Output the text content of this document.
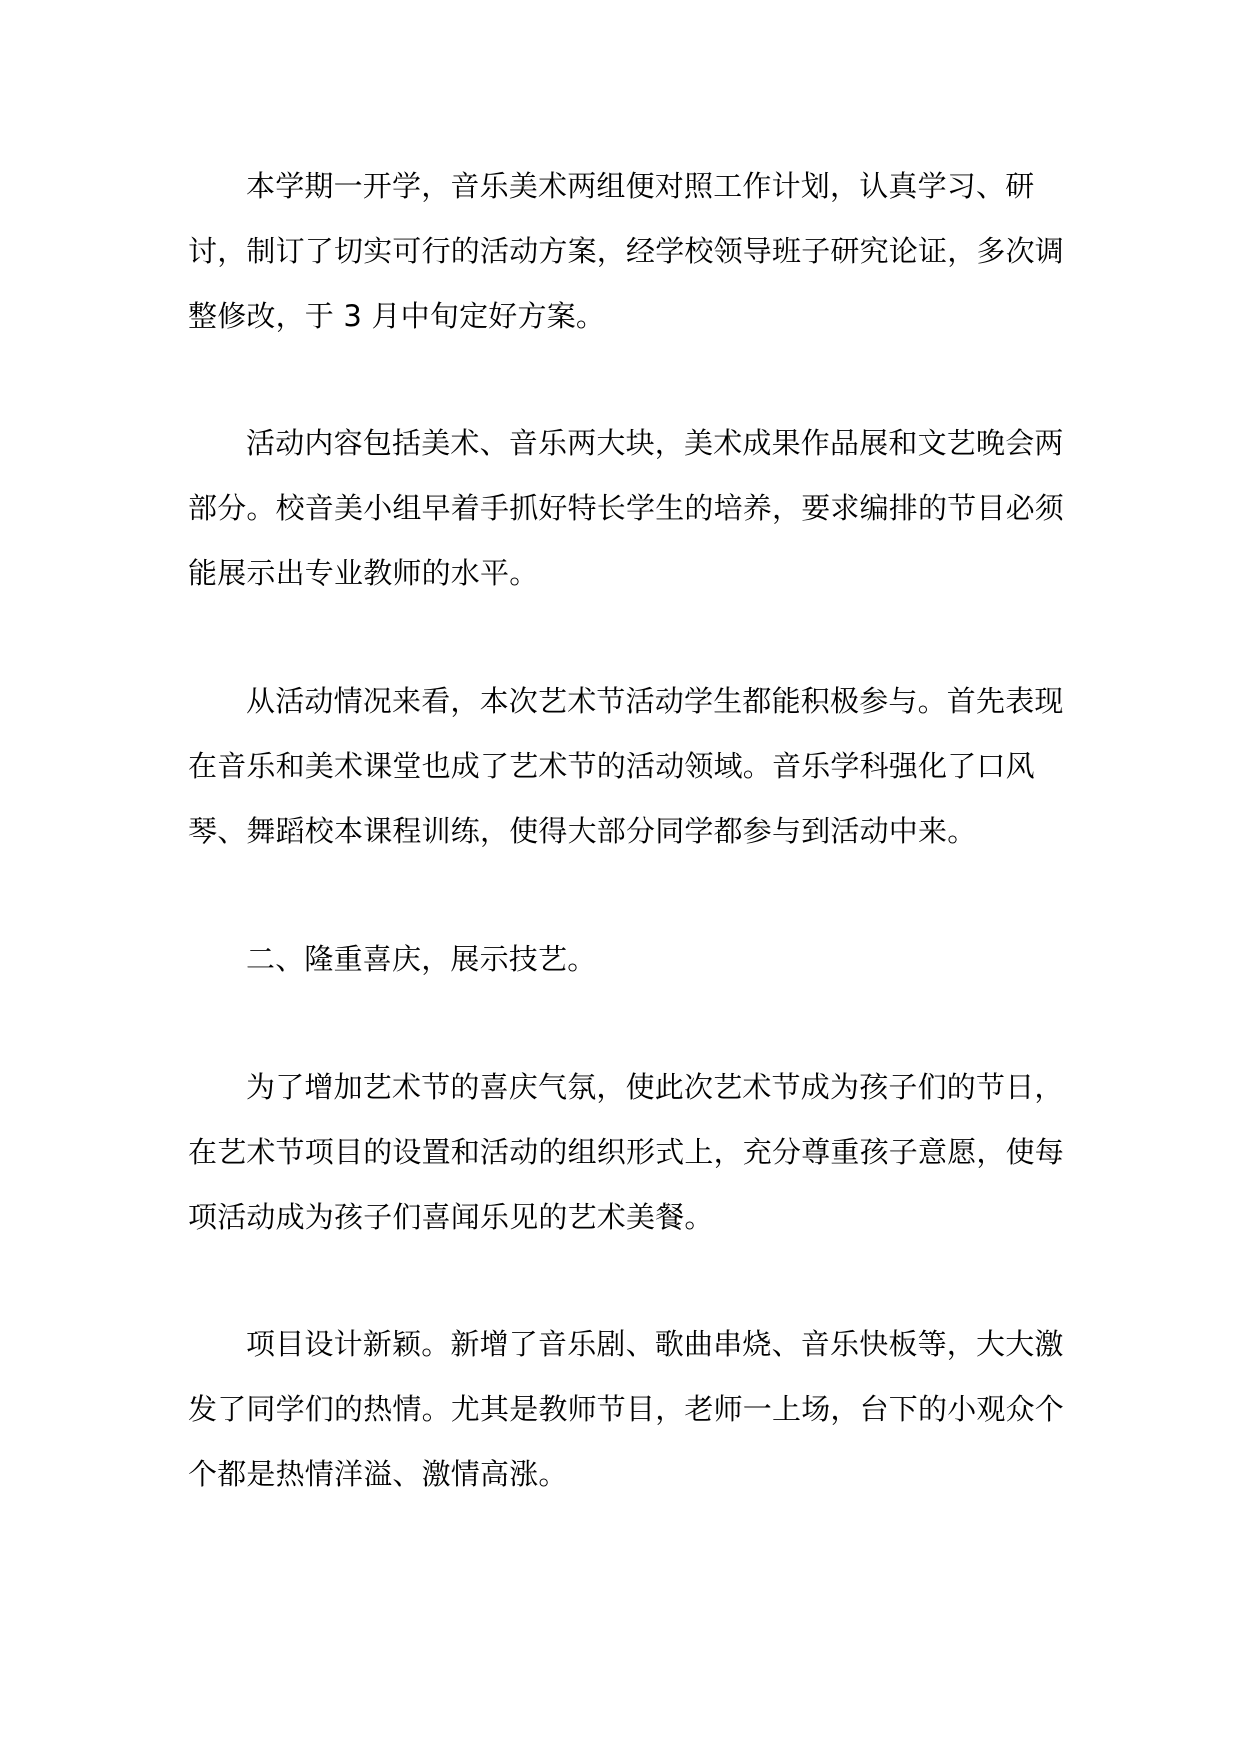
本学期一开学，音乐美术两组便对照工作计划，认真学习、研讨，制订了切实可行的活动方案，经学校领导班子研究论证，多次调整修改，于 3 月中旬定好方案。

活动内容包括美术、音乐两大块，美术成果作品展和文艺晚会两部分。校音美小组早着手抓好特长学生的培养，要求编排的节目必须能展示出专业教师的水平。

从活动情况来看，本次艺术节活动学生都能积极参与。首先表现在音乐和美术课堂也成了艺术节的活动领域。音乐学科强化了口风琴、舞蹈校本课程训练，使得大部分同学都参与到活动中来。

二、隆重喜庆，展示技艺。

为了增加艺术节的喜庆气氛，使此次艺术节成为孩子们的节日，在艺术节项目的设置和活动的组织形式上，充分尊重孩子意愿，使每项活动成为孩子们喜闻乐见的艺术美餐。

项目设计新颖。新增了音乐剧、歌曲串烧、音乐快板等，大大激发了同学们的热情。尤其是教师节目，老师一上场，台下的小观众个个都是热情洋溢、激情高涨。
